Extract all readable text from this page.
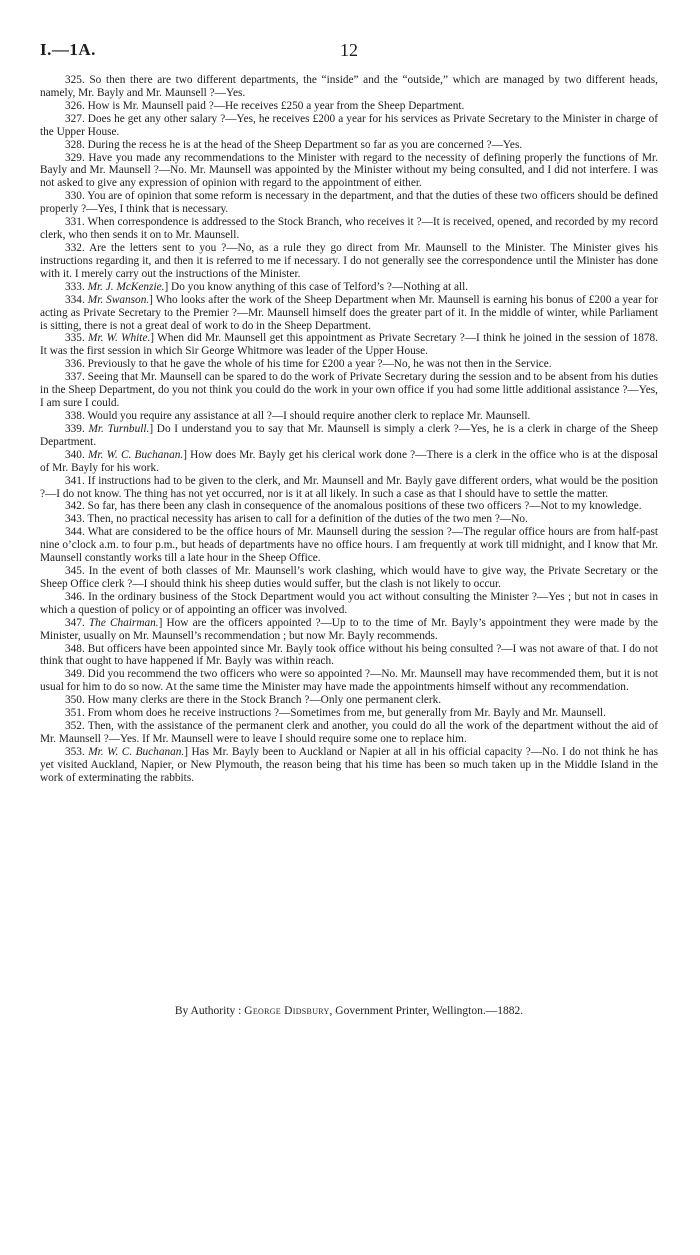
I.—1A.	12

325. So then there are two different departments, the “inside” and the “outside,” which are managed by two different heads, namely, Mr. Bayly and Mr. Maunsell ?—Yes.

326. How is Mr. Maunsell paid ?—He receives £250 a year from the Sheep Department.

327. Does he get any other salary ?—Yes, he receives £200 a year for his services as Private Secretary to the Minister in charge of the Upper House.

328. During the recess he is at the head of the Sheep Department so far as you are concerned ?—Yes.

329. Have you made any recommendations to the Minister with regard to the necessity of defining properly the functions of Mr. Bayly and Mr. Maunsell ?—No. Mr. Maunsell was appointed by the Minister without my being consulted, and I did not interfere. I was not asked to give any expression of opinion with regard to the appointment of either.

330. You are of opinion that some reform is necessary in the department, and that the duties of these two officers should be defined properly ?—Yes, I think that is necessary.

331. When correspondence is addressed to the Stock Branch, who receives it ?—It is received, opened, and recorded by my record clerk, who then sends it on to Mr. Maunsell.

332. Are the letters sent to you ?—No, as a rule they go direct from Mr. Maunsell to the Minister. The Minister gives his instructions regarding it, and then it is referred to me if necessary. I do not generally see the correspondence until the Minister has done with it. I merely carry out the instructions of the Minister.

333. Mr. J. McKenzie.] Do you know anything of this case of Telford’s ?—Nothing at all.

334. Mr. Swanson.] Who looks after the work of the Sheep Department when Mr. Maunsell is earning his bonus of £200 a year for acting as Private Secretary to the Premier ?—Mr. Maunsell himself does the greater part of it. In the middle of winter, while Parliament is sitting, there is not a great deal of work to do in the Sheep Department.

335. Mr. W. White.] When did Mr. Maunsell get this appointment as Private Secretary ?—I think he joined in the session of 1878. It was the first session in which Sir George Whitmore was leader of the Upper House.

336. Previously to that he gave the whole of his time for £200 a year ?—No, he was not then in the Service.

337. Seeing that Mr. Maunsell can be spared to do the work of Private Secretary during the session and to be absent from his duties in the Sheep Department, do you not think you could do the work in your own office if you had some little additional assistance ?—Yes, I am sure I could.

338. Would you require any assistance at all ?—I should require another clerk to replace Mr. Maunsell.

339. Mr. Turnbull.] Do I understand you to say that Mr. Maunsell is simply a clerk ?—Yes, he is a clerk in charge of the Sheep Department.

340. Mr. W. C. Buchanan.] How does Mr. Bayly get his clerical work done ?—There is a clerk in the office who is at the disposal of Mr. Bayly for his work.

341. If instructions had to be given to the clerk, and Mr. Maunsell and Mr. Bayly gave different orders, what would be the position ?—I do not know. The thing has not yet occurred, nor is it at all likely. In such a case as that I should have to settle the matter.

342. So far, has there been any clash in consequence of the anomalous positions of these two officers ?—Not to my knowledge.

343. Then, no practical necessity has arisen to call for a definition of the duties of the two men ?—No.

344. What are considered to be the office hours of Mr. Maunsell during the session ?—The regular office hours are from half-past nine o’clock a.m. to four p.m., but heads of departments have no office hours. I am frequently at work till midnight, and I know that Mr. Maunsell constantly works till a late hour in the Sheep Office.

345. In the event of both classes of Mr. Maunsell’s work clashing, which would have to give way, the Private Secretary or the Sheep Office clerk ?—I should think his sheep duties would suffer, but the clash is not likely to occur.

346. In the ordinary business of the Stock Department would you act without consulting the Minister ?—Yes ; but not in cases in which a question of policy or of appointing an officer was involved.

347. The Chairman.] How are the officers appointed ?—Up to to the time of Mr. Bayly’s appointment they were made by the Minister, usually on Mr. Maunsell’s recommendation ; but now Mr. Bayly recommends.

348. But officers have been appointed since Mr. Bayly took office without his being consulted ?—I was not aware of that. I do not think that ought to have happened if Mr. Bayly was within reach.

349. Did you recommend the two officers who were so appointed ?—No. Mr. Maunsell may have recommended them, but it is not usual for him to do so now. At the same time the Minister may have made the appointments himself without any recommendation.

350. How many clerks are there in the Stock Branch ?—Only one permanent clerk.

351. From whom does he receive instructions ?—Sometimes from me, but generally from Mr. Bayly and Mr. Maunsell.

352. Then, with the assistance of the permanent clerk and another, you could do all the work of the department without the aid of Mr. Maunsell ?—Yes. If Mr. Maunsell were to leave I should require some one to replace him.

353. Mr. W. C. Buchanan.] Has Mr. Bayly been to Auckland or Napier at all in his official capacity ?—No. I do not think he has yet visited Auckland, Napier, or New Plymouth, the reason being that his time has been so much taken up in the Middle Island in the work of exterminating the rabbits.

By Authority : George Didsbury, Government Printer, Wellington.—1882.
